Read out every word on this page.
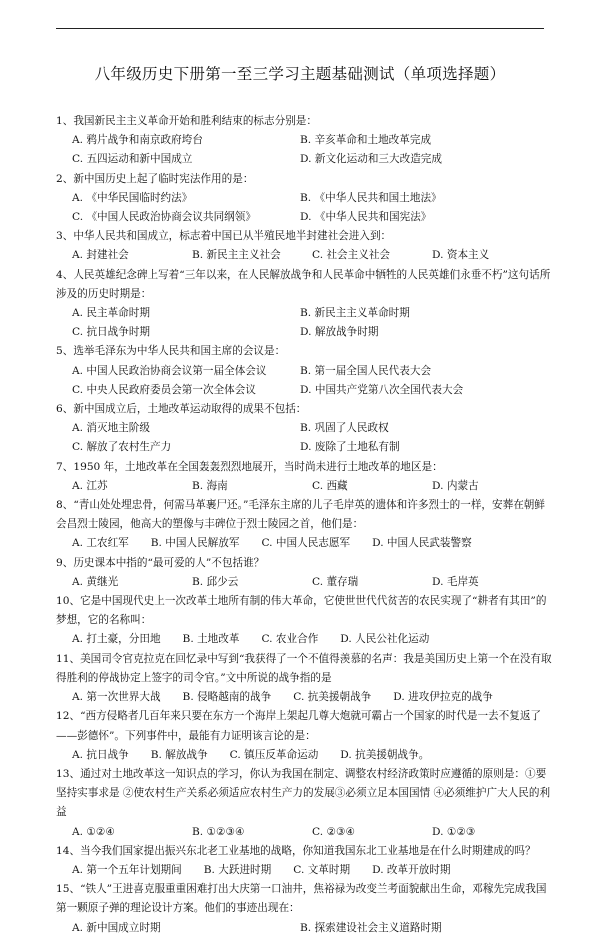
八年级历史下册第一至三学习主题基础测试（单项选择题）

1、我国新民主主义革命开始和胜利结束的标志分别是：

A. 鸦片战争和南京政府垮台	B. 辛亥革命和土地改革完成
C. 五四运动和新中国成立	D. 新文化运动和三大改造完成

2、新中国历史上起了临时宪法作用的是：

A. 《中华民国临时约法》	B. 《中华人民共和国土地法》
C. 《中国人民政治协商会议共同纲领》	D. 《中华人民共和国宪法》

3、中华人民共和国成立，标志着中国已从半殖民地半封建社会进入到：

A. 封建社会	B. 新民主主义社会	C. 社会主义社会	D. 资本主义

4、人民英雄纪念碑上写着“三年以来，在人民解放战争和人民革命中牺牲的人民英雄们永垂不朽”这句话所涉及的历史时期是：

A. 民主革命时期	B. 新民主主义革命时期
C. 抗日战争时期	D. 解放战争时期

5、选举毛泽东为中华人民共和国主席的会议是：

A. 中国人民政治协商会议第一届全体会议	B. 第一届全国人民代表大会
C. 中央人民政府委员会第一次全体会议	D. 中国共产党第八次全国代表大会

6、新中国成立后，土地改革运动取得的成果不包括：

A. 消灭地主阶级	B. 巩固了人民政权
C. 解放了农村生产力	D. 废除了土地私有制

7、1950 年，土地改革在全国轰轰烈烈地展开，当时尚未进行土地改革的地区是：

A. 江苏	B. 海南	C. 西藏	D. 内蒙古

8、“青山处处埋忠骨，何需马革裹尸还。”毛泽东主席的儿子毛岸英的遗体和许多烈士的一样，安葬在朝鲜会昌烈士陵园，他高大的塑像与丰碑位于烈士陵园之首，他们是：

A. 工农红军 B. 中国人民解放军 C. 中国人民志愿军 D. 中国人民武装警察

9、历史课本中指的“最可爱的人”不包括谁？

A. 黄继光	B. 邱少云	C. 董存瑞	D. 毛岸英

10、它是中国现代史上一次改革土地所有制的伟大革命，它使世世代代贫苦的农民实现了“耕者有其田”的梦想，它的名称叫：

A. 打土豪，分田地 B. 土地改革 C. 农业合作 D. 人民公社化运动

11、美国司令官克拉克在回忆录中写到“我获得了一个不值得羡慕的名声：我是美国历史上第一个在没有取得胜利的停战协定上签字的司令官。”文中所说的战争指的是

A. 第一次世界大战 B. 侵略越南的战争 C. 抗美援朝战争 D. 进攻伊拉克的战争

12、“西方侵略者几百年来只要在东方一个海岸上架起几尊大炮就可霸占一个国家的时代是一去不复返了——彭德怀”。下列事件中，最能有力证明该言论的是：

A. 抗日战争 B. 解放战争 C. 镇压反革命运动 D. 抗美援朝战争。

13、通过对土地改革这一知识点的学习，你认为我国在制定、调整农村经济政策时应遵循的原则是：①要坚持实事求是 ②使农村生产关系必须适应农村生产力的发展③必须立足本国国情 ④必须维护广大人民的利益

A. ①②④	B. ①②③④	C. ②③④	D. ①②③

14、当今我们国家提出振兴东北老工业基地的战略，你知道我国东北工业基地是在什么时期建成的吗？

A. 第一个五年计划期间 B. 大跃进时期 C. 文革时期 D. 改革开放时期

15、“铁人”王进喜克服重重困难打出大庆第一口油井，焦裕禄为改变兰考面貌献出生命，邓稼先完成我国第一颗原子弹的理论设计方案。他们的事迹出现在：

A. 新中国成立时期	B. 探索建设社会主义道路时期
